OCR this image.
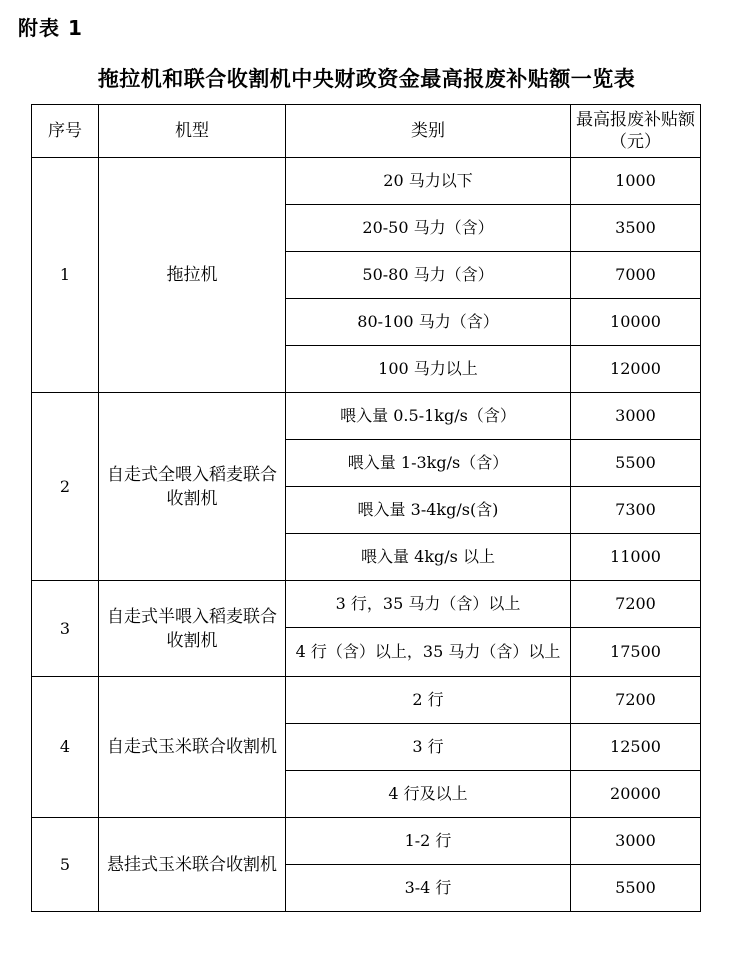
附表 1
拖拉机和联合收割机中央财政资金最高报废补贴额一览表
序号	机型	类别	最高报废补贴额（元）
1	拖拉机	20 马力以下	1000
		20-50 马力（含）	3500
		50-80 马力（含）	7000
		80-100 马力（含）	10000
		100 马力以上	12000
2	自走式全喂入稻麦联合收割机	喂入量 0.5-1kg/s（含）	3000
		喂入量 1-3kg/s（含）	5500
		喂入量 3-4kg/s(含)	7300
		喂入量 4kg/s 以上	11000
3	自走式半喂入稻麦联合收割机	3 行，35 马力（含）以上	7200
		4 行（含）以上，35 马力（含）以上	17500
4	自走式玉米联合收割机	2 行	7200
		3 行	12500
		4 行及以上	20000
5	悬挂式玉米联合收割机	1-2 行	3000
		3-4 行	5500
